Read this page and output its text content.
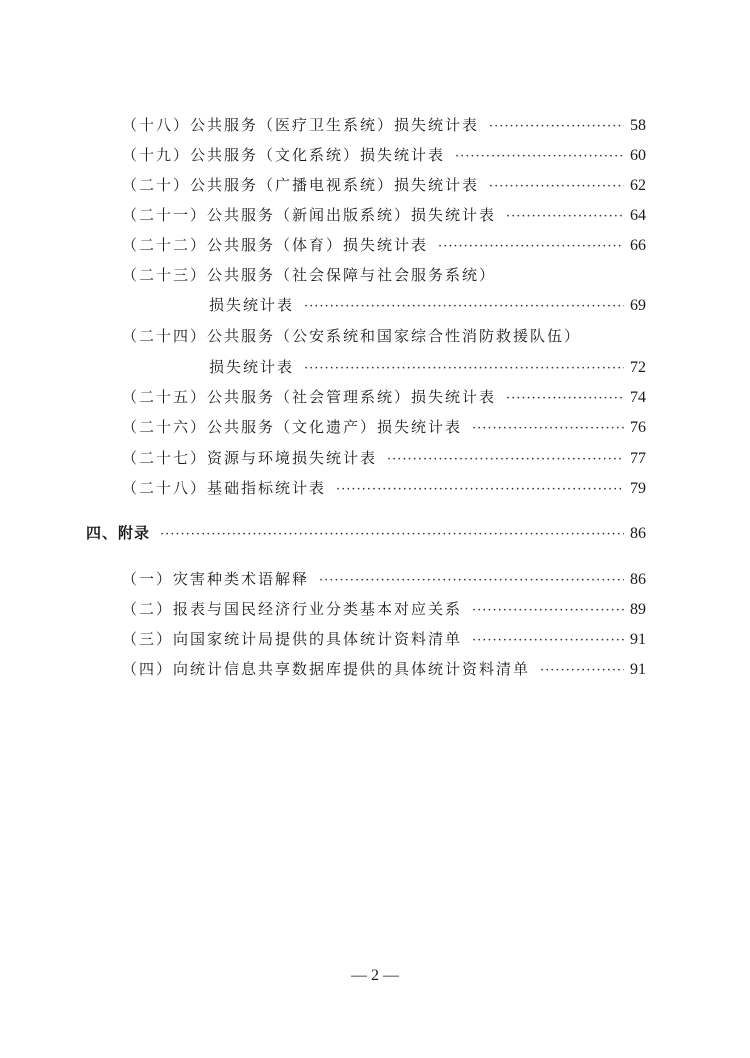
（十八）公共服务（医疗卫生系统）损失统计表 ·····	58
（十九）公共服务（文化系统）损失统计表 ·····	60
（二十）公共服务（广播电视系统）损失统计表 ·····	62
（二十一）公共服务（新闻出版系统）损失统计表 ·····	64
（二十二）公共服务（体育）损失统计表 ·····	66
（二十三）公共服务（社会保障与社会服务系统）
损失统计表 ·····	69
（二十四）公共服务（公安系统和国家综合性消防救援队伍）
损失统计表 ·····	72
（二十五）公共服务（社会管理系统）损失统计表 ·····	74
（二十六）公共服务（文化遗产）损失统计表 ·····	76
（二十七）资源与环境损失统计表 ·····	77
（二十八）基础指标统计表 ·····	79
四、附录 ·····	86
（一）灾害种类术语解释 ·····	86
（二）报表与国民经济行业分类基本对应关系 ·····	89
（三）向国家统计局提供的具体统计资料清单 ·····	91
（四）向统计信息共享数据库提供的具体统计资料清单 ·····	91
— 2 —
